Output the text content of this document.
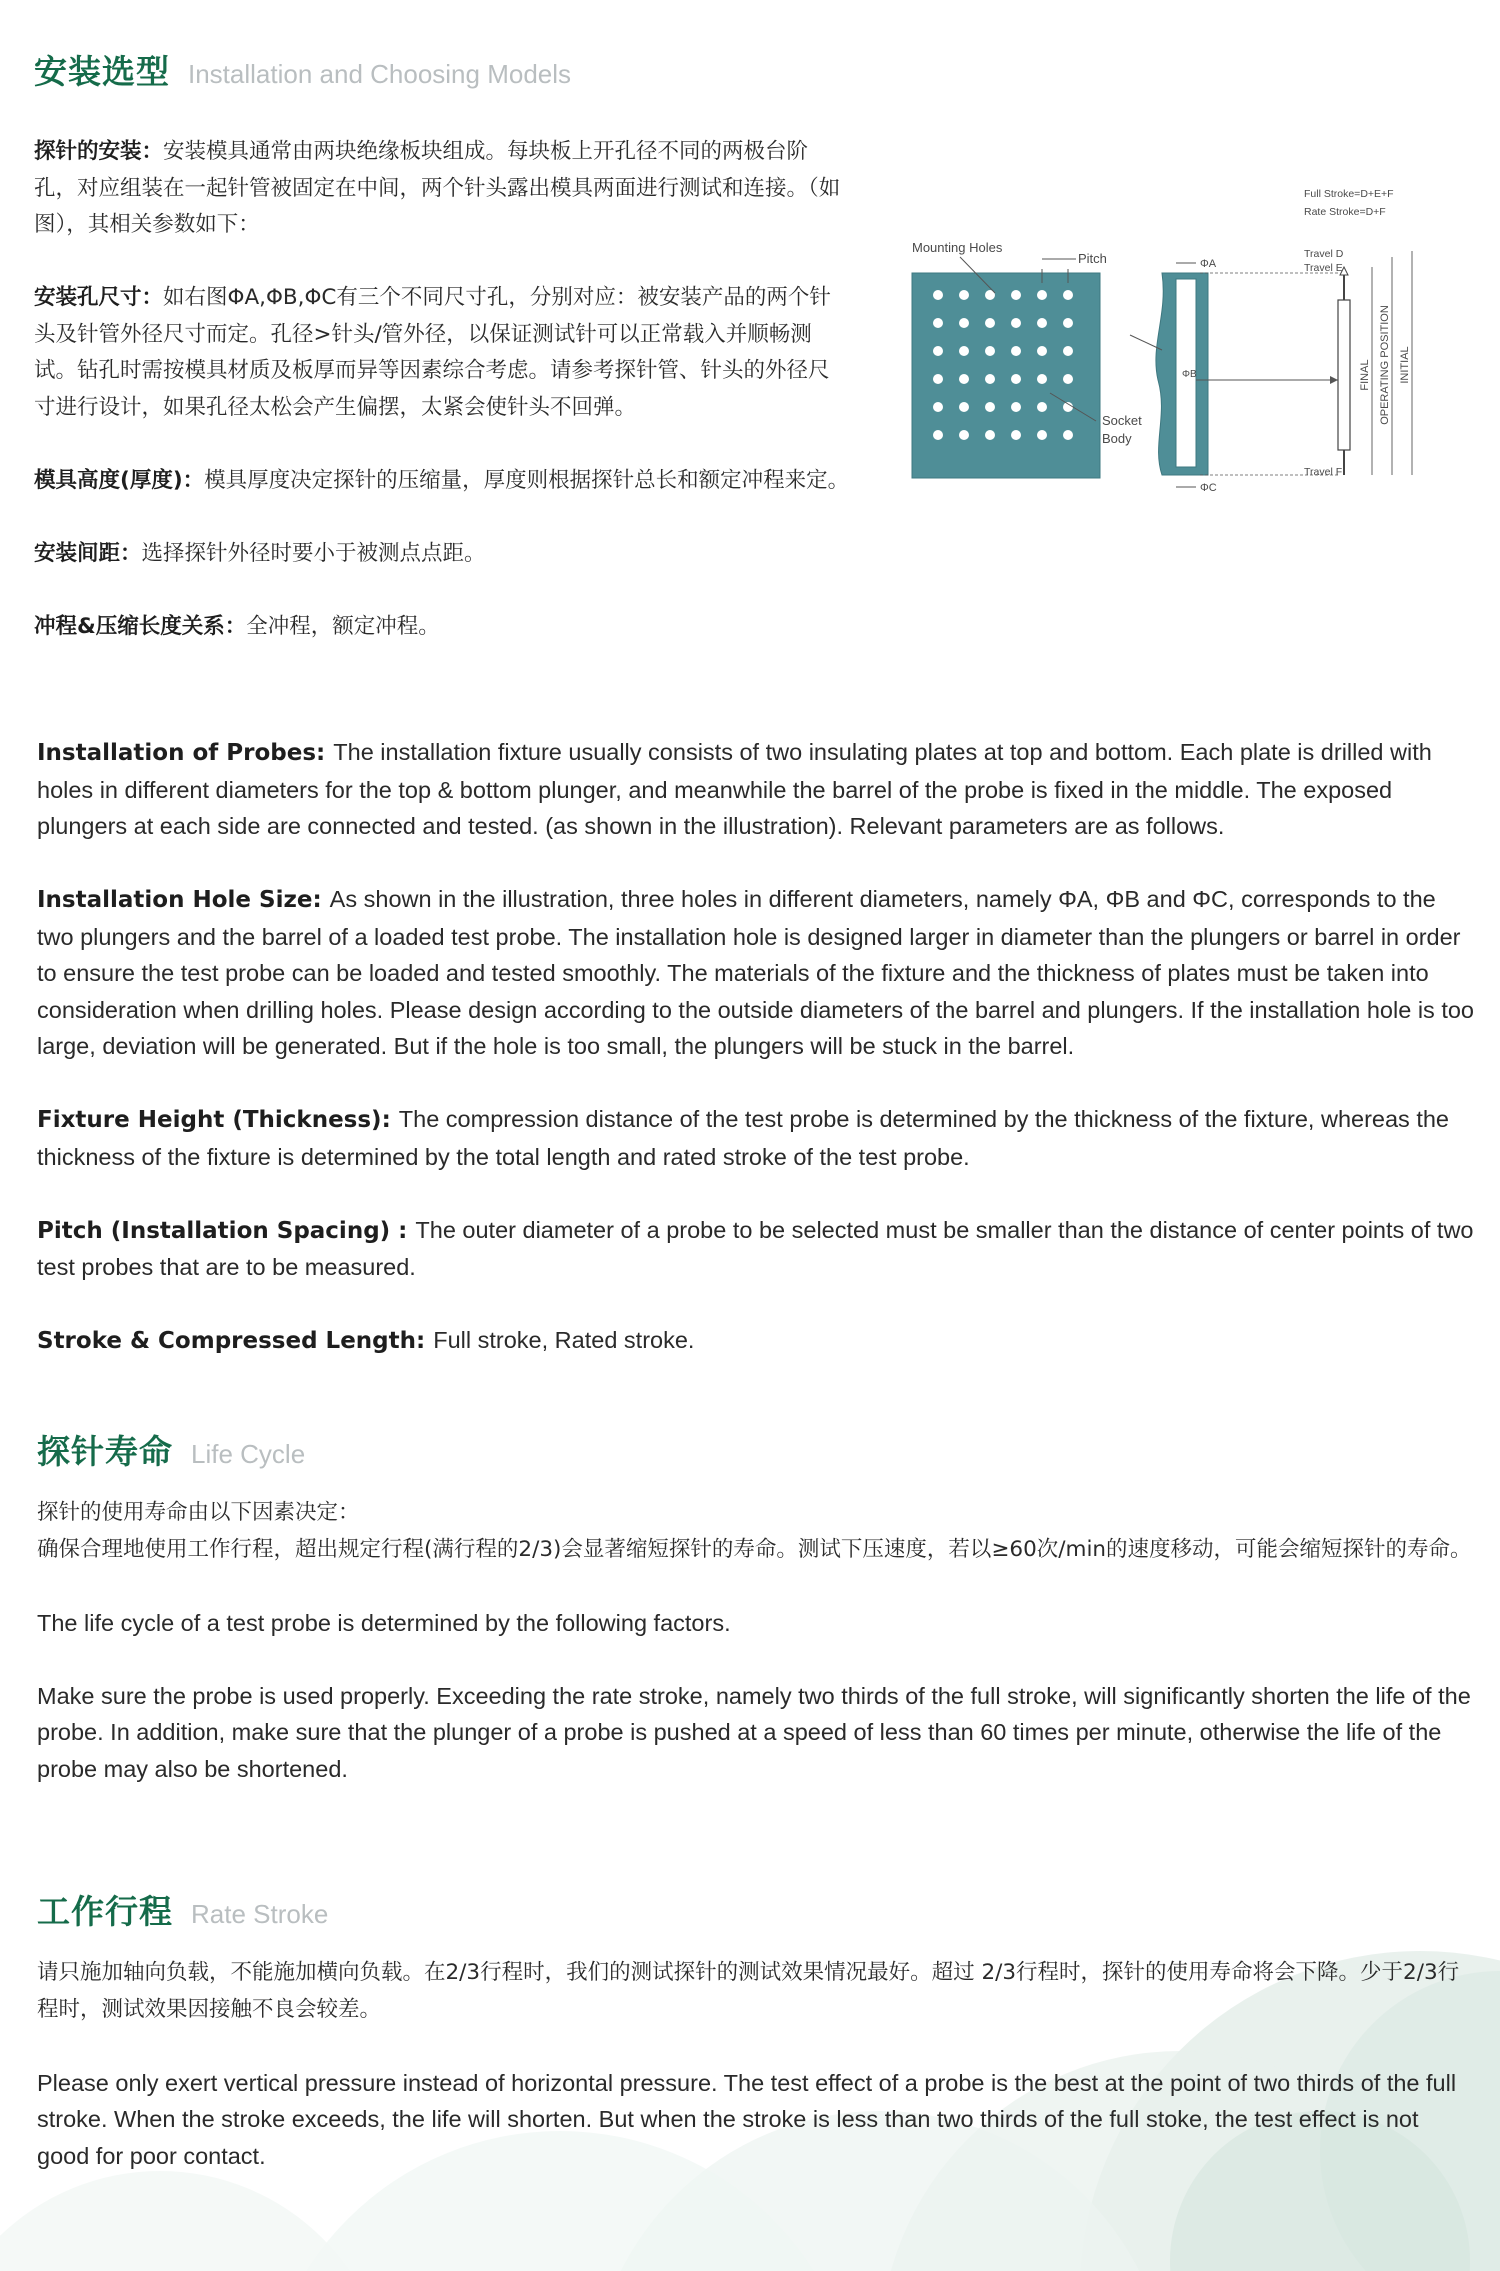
安装选型 Installation and Choosing Models

探针的安装：安装模具通常由两块绝缘板块组成。每块板上开孔径不同的两极台阶孔，对应组装在一起针管被固定在中间，两个针头露出模具两面进行测试和连接。（如图），其相关参数如下：

安装孔尺寸：如右图ΦA,ΦB,ΦC有三个不同尺寸孔，分别对应：被安装产品的两个针头及针管外径尺寸而定。孔径>针头/管外径，以保证测试针可以正常载入并顺畅测试。钻孔时需按模具材质及板厚而异等因素综合考虑。请参考探针管、针头的外径尺寸进行设计，如果孔径太松会产生偏摆，太紧会使针头不回弹。

模具高度(厚度)：模具厚度决定探针的压缩量，厚度则根据探针总长和额定冲程来定。

安装间距：选择探针外径时要小于被测点点距。

冲程&压缩长度关系：全冲程，额定冲程。

Mounting Holes
Pitch
Socket
Body
ΦA
ΦB
ΦC
Full Stroke=D+E+F
Rate Stroke=D+F
Travel D
Travel E
Travel F
FINAL OPERATING POSITION INITIAL

Installation of Probes: The installation fixture usually consists of two insulating plates at top and bottom. Each plate is drilled with holes in different diameters for the top & bottom plunger, and meanwhile the barrel of the probe is fixed in the middle. The exposed plungers at each side are connected and tested. (as shown in the illustration). Relevant parameters are as follows.

Installation Hole Size: As shown in the illustration, three holes in different diameters, namely ΦA, ΦB and ΦC, corresponds to the two plungers and the barrel of a loaded test probe. The installation hole is designed larger in diameter than the plungers or barrel in order to ensure the test probe can be loaded and tested smoothly. The materials of the fixture and the thickness of plates must be taken into consideration when drilling holes. Please design according to the outside diameters of the barrel and plungers. If the installation hole is too large, deviation will be generated. But if the hole is too small, the plungers will be stuck in the barrel.

Fixture Height (Thickness): The compression distance of the test probe is determined by the thickness of the fixture, whereas the thickness of the fixture is determined by the total length and rated stroke of the test probe.

Pitch (Installation Spacing) : The outer diameter of a probe to be selected must be smaller than the distance of center points of two test probes that are to be measured.

Stroke & Compressed Length: Full stroke, Rated stroke.

探针寿命 Life Cycle
探针的使用寿命由以下因素决定：

确保合理地使用工作行程，超出规定行程(满行程的2/3)会显著缩短探针的寿命。测试下压速度，若以≥60次/min的速度移动，可能会缩短探针的寿命。

The life cycle of a test probe is determined by the following factors.

Make sure the probe is used properly. Exceeding the rate stroke, namely two thirds of the full stroke, will significantly shorten the life of the probe. In addition, make sure that the plunger of a probe is pushed at a speed of less than 60 times per minute, otherwise the life of the probe may also be shortened.

工作行程 Rate Stroke

请只施加轴向负载，不能施加横向负载。在2/3行程时，我们的测试探针的测试效果情况最好。超过 2/3行程时，探针的使用寿命将会下降。少于2/3行程时，测试效果因接触不良会较差。

Please only exert vertical pressure instead of horizontal pressure. The test effect of a probe is the best at the point of two thirds of the full stroke. When the stroke exceeds, the life will shorten. But when the stroke is less than two thirds of the full stoke, the test effect is not good for poor contact.
